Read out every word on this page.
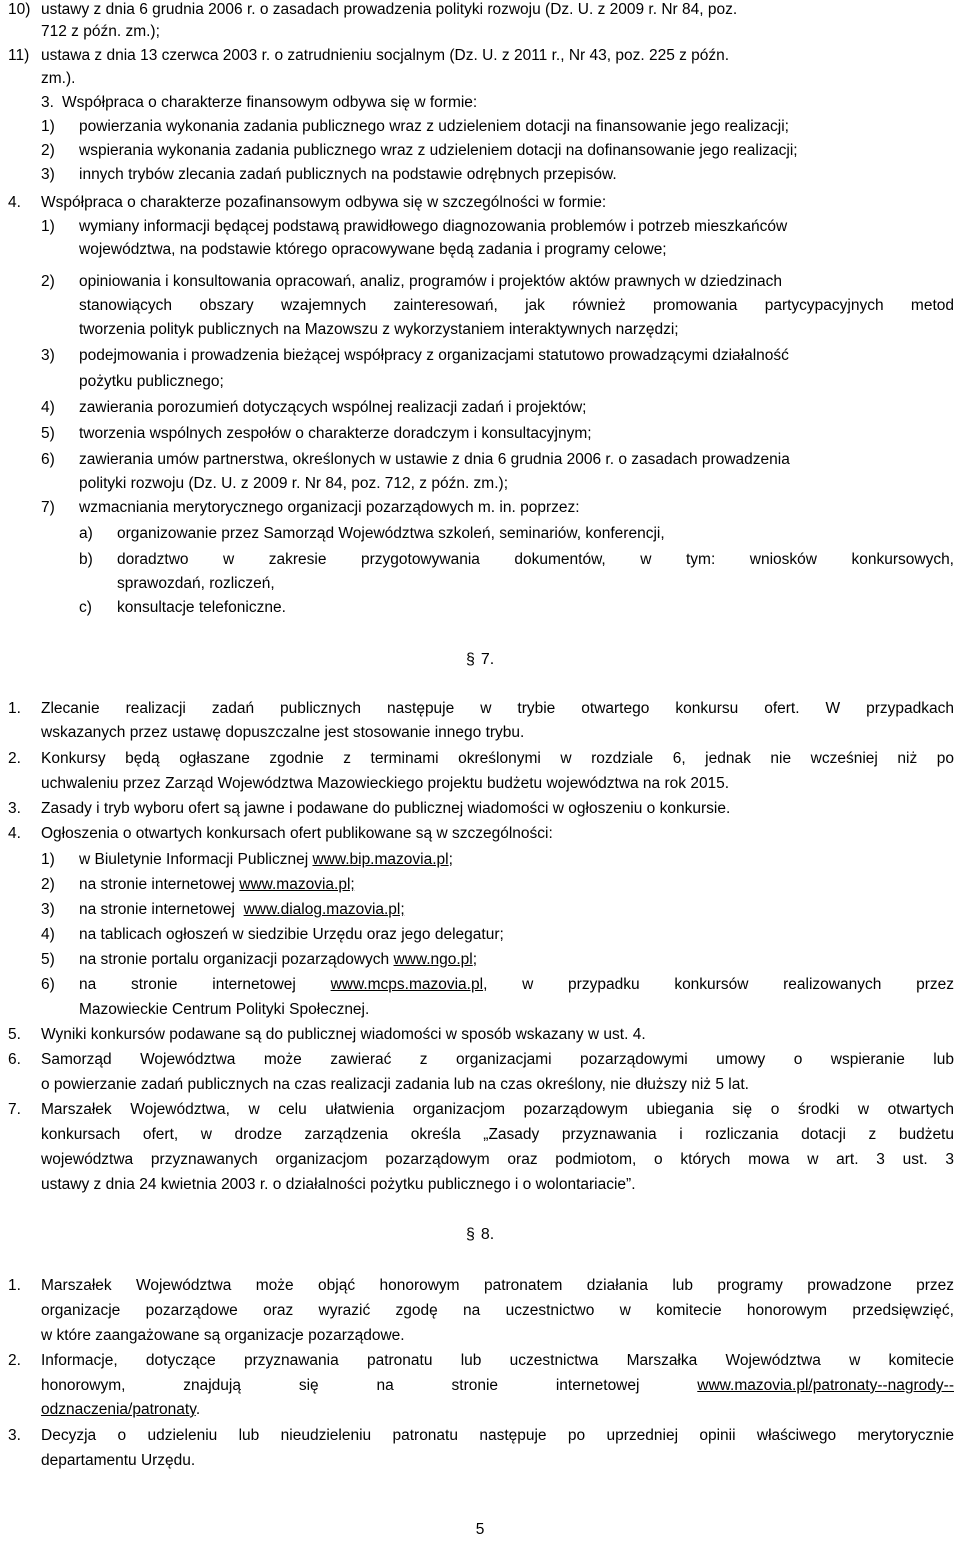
10) ustawy z dnia 6 grudnia 2006 r. o zasadach prowadzenia polityki rozwoju (Dz. U. z 2009 r. Nr 84, poz.
712 z późn. zm.);
11) ustawa z dnia 13 czerwca 2003 r. o zatrudnieniu socjalnym (Dz. U. z 2011 r., Nr 43, poz. 225 z późn.
zm.).
3. Współpraca o charakterze finansowym odbywa się w formie:
1) powierzania wykonania zadania publicznego wraz z udzieleniem dotacji na finansowanie jego realizacji;
2) wspierania wykonania zadania publicznego wraz z udzieleniem dotacji na dofinansowanie jego realizacji;
3) innych trybów zlecania zadań publicznych na podstawie odrębnych przepisów.
4. Współpraca o charakterze pozafinansowym odbywa się w szczególności w formie:
1) wymiany informacji będącej podstawą prawidłowego diagnozowania problemów i potrzeb mieszkańców
województwa, na podstawie którego opracowywane będą zadania i programy celowe;
2) opiniowania i konsultowania opracowań, analiz, programów i projektów aktów prawnych w dziedzinach
stanowiących obszary wzajemnych zainteresowań, jak również promowania partycypacyjnych metod
tworzenia polityk publicznych na Mazowszu z wykorzystaniem interaktywnych narzędzi;
3) podejmowania i prowadzenia bieżącej współpracy z organizacjami statutowo prowadzącymi działalność
pożytku publicznego;
4) zawierania porozumień dotyczących wspólnej realizacji zadań i projektów;
5) tworzenia wspólnych zespołów o charakterze doradczym i konsultacyjnym;
6) zawierania umów partnerstwa, określonych w ustawie z dnia 6 grudnia 2006 r. o zasadach prowadzenia
polityki rozwoju (Dz. U. z 2009 r. Nr 84, poz. 712, z późn. zm.);
7) wzmacniania merytorycznego organizacji pozarządowych m. in. poprzez:
a) organizowanie przez Samorząd Województwa szkoleń, seminariów, konferencji,
b) doradztwo w zakresie przygotowywania dokumentów, w tym: wniosków konkursowych,
sprawozdań, rozliczeń,
c) konsultacje telefoniczne.
§ 7.
1. Zlecanie realizacji zadań publicznych następuje w trybie otwartego konkursu ofert. W przypadkach
wskazanych przez ustawę dopuszczalne jest stosowanie innego trybu.
2. Konkursy będą ogłaszane zgodnie z terminami określonymi w rozdziale 6, jednak nie wcześniej niż po
uchwaleniu przez Zarząd Województwa Mazowieckiego projektu budżetu województwa na rok 2015.
3. Zasady i tryb wyboru ofert są jawne i podawane do publicznej wiadomości w ogłoszeniu o konkursie.
4. Ogłoszenia o otwartych konkursach ofert publikowane są w szczególności:
1) w Biuletynie Informacji Publicznej www.bip.mazovia.pl;
2) na stronie internetowej www.mazovia.pl;
3) na stronie internetowej  www.dialog.mazovia.pl;
4) na tablicach ogłoszeń w siedzibie Urzędu oraz jego delegatur;
5) na stronie portalu organizacji pozarządowych www.ngo.pl;
6) na stronie internetowej www.mcps.mazovia.pl, w przypadku konkursów realizowanych przez
Mazowieckie Centrum Polityki Społecznej.
5. Wyniki konkursów podawane są do publicznej wiadomości w sposób wskazany w ust. 4.
6. Samorząd Województwa może zawierać z organizacjami pozarządowymi umowy o wspieranie lub
o powierzanie zadań publicznych na czas realizacji zadania lub na czas określony, nie dłuższy niż 5 lat.
7. Marszałek Województwa, w celu ułatwienia organizacjom pozarządowym ubiegania się o środki w otwartych
konkursach ofert, w drodze zarządzenia określa „Zasady przyznawania i rozliczania dotacji z budżetu
województwa przyznawanych organizacjom pozarządowym oraz podmiotom, o których mowa w art. 3 ust. 3
ustawy z dnia 24 kwietnia 2003 r. o działalności pożytku publicznego i o wolontariacie”.
§ 8.
1. Marszałek Województwa może objąć honorowym patronatem działania lub programy prowadzone przez
organizacje pozarządowe oraz wyrazić zgodę na uczestnictwo w komitecie honorowym przedsięwzięć,
w które zaangażowane są organizacje pozarządowe.
2. Informacje, dotyczące przyznawania patronatu lub uczestnictwa Marszałka Województwa w komitecie
honorowym, znajdują się na stronie internetowej www.mazovia.pl/patronaty--nagrody--
odznaczenia/patronaty.
3. Decyzja o udzieleniu lub nieudzieleniu patronatu następuje po uprzedniej opinii właściwego merytorycznie
departamentu Urzędu.
5
